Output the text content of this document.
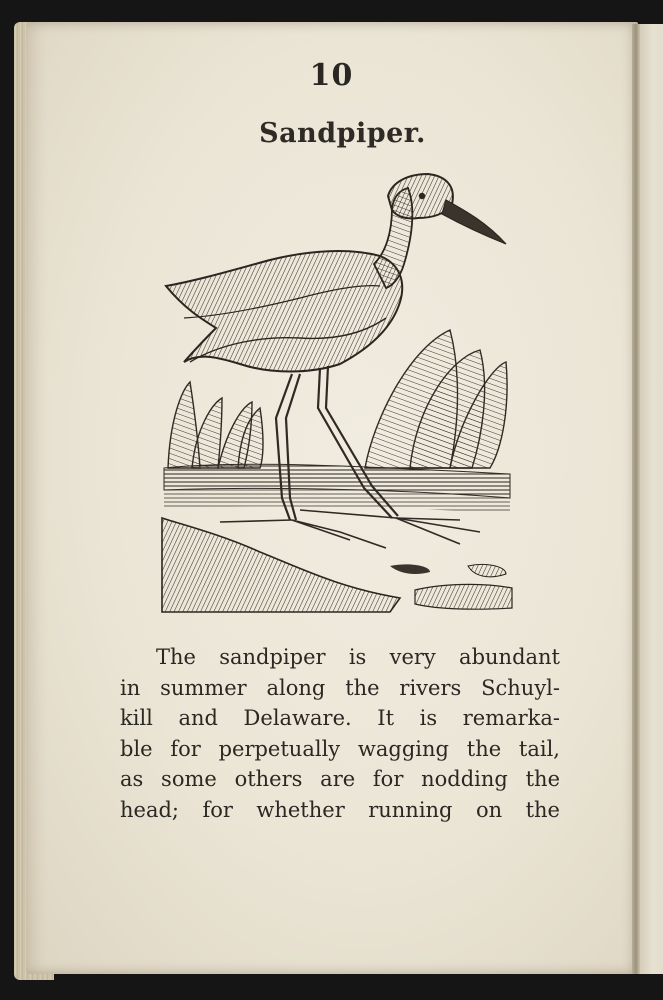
10
Sandpiper.
The sandpiper is very abundant
in summer along the rivers Schuyl-
kill and Delaware. It is remarka-
ble for perpetually wagging the tail,
as some others are for nodding the
head; for whether running on the
